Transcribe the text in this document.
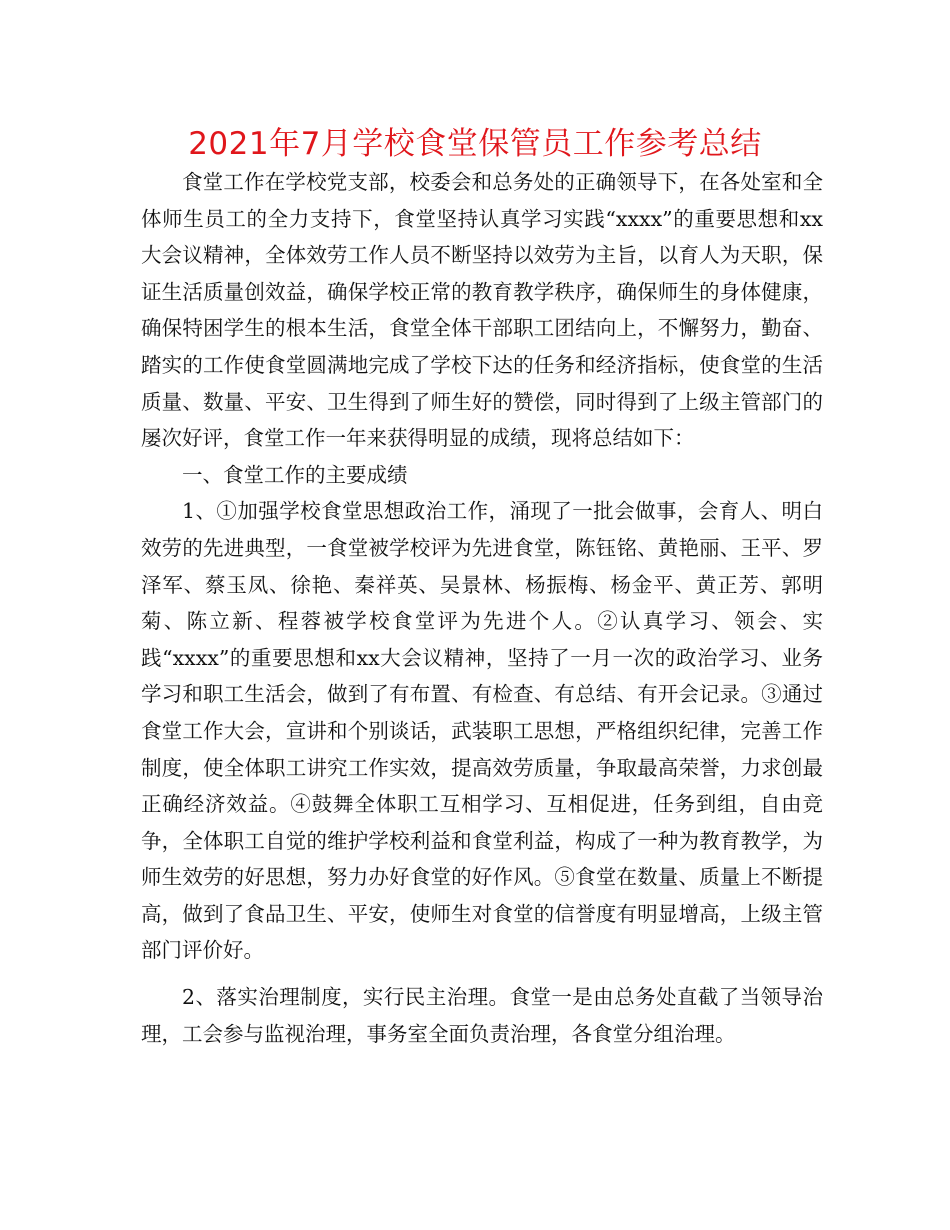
2021年7月学校食堂保管员工作参考总结

食堂工作在学校党支部，校委会和总务处的正确领导下，在各处室和全体师生员工的全力支持下，食堂坚持认真学习实践“xxxx”的重要思想和xx大会议精神，全体效劳工作人员不断坚持以效劳为主旨，以育人为天职，保证生活质量创效益，确保学校正常的教育教学秩序，确保师生的身体健康，确保特困学生的根本生活，食堂全体干部职工团结向上，不懈努力，勤奋、踏实的工作使食堂圆满地完成了学校下达的任务和经济指标，使食堂的生活质量、数量、平安、卫生得到了师生好的赞偿，同时得到了上级主管部门的屡次好评，食堂工作一年来获得明显的成绩，现将总结如下：

一、食堂工作的主要成绩

1、①加强学校食堂思想政治工作，涌现了一批会做事，会育人、明白效劳的先进典型，一食堂被学校评为先进食堂，陈钰铭、黄艳丽、王平、罗泽军、蔡玉凤、徐艳、秦祥英、吴景林、杨振梅、杨金平、黄正芳、郭明菊、陈立新、程蓉被学校食堂评为先进个人。②认真学习、领会、实践“xxxx”的重要思想和xx大会议精神，坚持了一月一次的政治学习、业务学习和职工生活会，做到了有布置、有检查、有总结、有开会记录。③通过食堂工作大会，宣讲和个别谈话，武装职工思想，严格组织纪律，完善工作制度，使全体职工讲究工作实效，提高效劳质量，争取最高荣誉，力求创最正确经济效益。④鼓舞全体职工互相学习、互相促进，任务到组，自由竞争，全体职工自觉的维护学校利益和食堂利益，构成了一种为教育教学，为师生效劳的好思想，努力办好食堂的好作风。⑤食堂在数量、质量上不断提高，做到了食品卫生、平安，使师生对食堂的信誉度有明显增高，上级主管部门评价好。

2、落实治理制度，实行民主治理。食堂一是由总务处直截了当领导治理，工会参与监视治理，事务室全面负责治理，各食堂分组治理。
